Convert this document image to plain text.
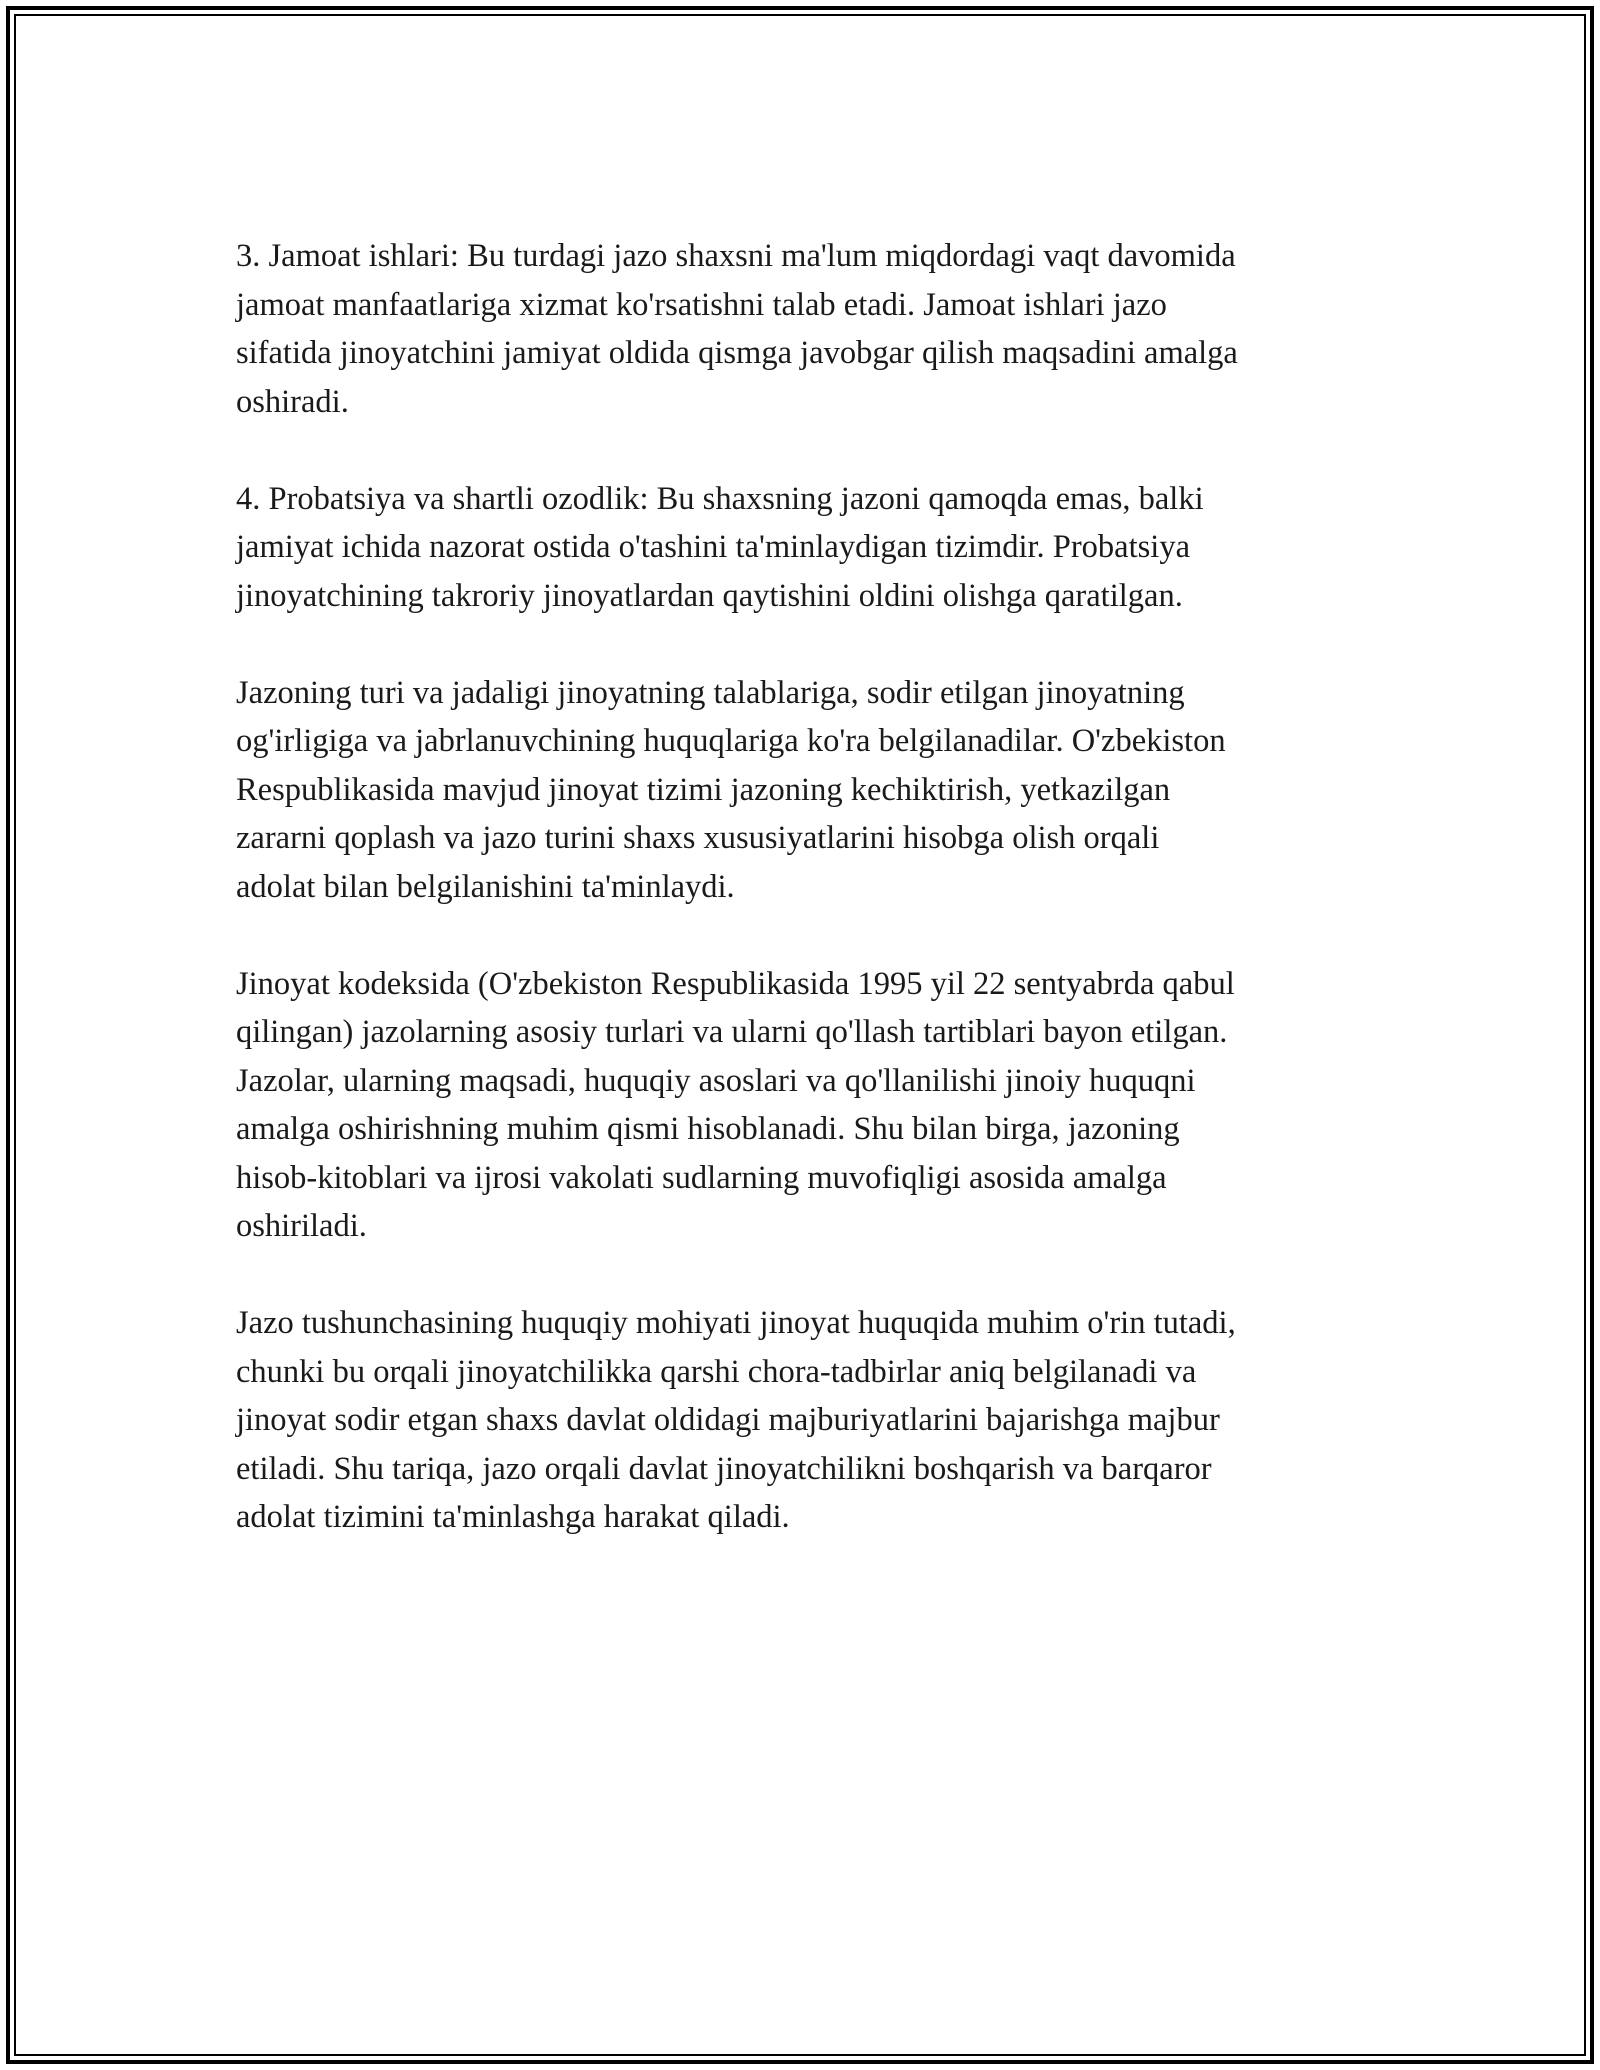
3. Jamoat ishlari: Bu turdagi jazo shaxsni ma'lum miqdordagi vaqt davomida
jamoat manfaatlariga xizmat ko'rsatishni talab etadi. Jamoat ishlari jazo
sifatida jinoyatchini jamiyat oldida qismga javobgar qilish maqsadini amalga
oshiradi.

4. Probatsiya va shartli ozodlik: Bu shaxsning jazoni qamoqda emas, balki
jamiyat ichida nazorat ostida o'tashini ta'minlaydigan tizimdir. Probatsiya
jinoyatchining takroriy jinoyatlardan qaytishini oldini olishga qaratilgan.

Jazoning turi va jadaligi jinoyatning talablariga, sodir etilgan jinoyatning
og'irligiga va jabrlanuvchining huquqlariga ko'ra belgilanadilar. O'zbekiston
Respublikasida mavjud jinoyat tizimi jazoning kechiktirish, yetkazilgan
zararni qoplash va jazo turini shaxs xususiyatlarini hisobga olish orqali
adolat bilan belgilanishini ta'minlaydi.

Jinoyat kodeksida (O'zbekiston Respublikasida 1995 yil 22 sentyabrda qabul
qilingan) jazolarning asosiy turlari va ularni qo'llash tartiblari bayon etilgan.
Jazolar, ularning maqsadi, huquqiy asoslari va qo'llanilishi jinoiy huquqni
amalga oshirishning muhim qismi hisoblanadi. Shu bilan birga, jazoning
hisob-kitoblari va ijrosi vakolati sudlarning muvofiqligi asosida amalga
oshiriladi.

Jazo tushunchasining huquqiy mohiyati jinoyat huquqida muhim o'rin tutadi,
chunki bu orqali jinoyatchilikka qarshi chora-tadbirlar aniq belgilanadi va
jinoyat sodir etgan shaxs davlat oldidagi majburiyatlarini bajarishga majbur
etiladi. Shu tariqa, jazo orqali davlat jinoyatchilikni boshqarish va barqaror
adolat tizimini ta'minlashga harakat qiladi.
